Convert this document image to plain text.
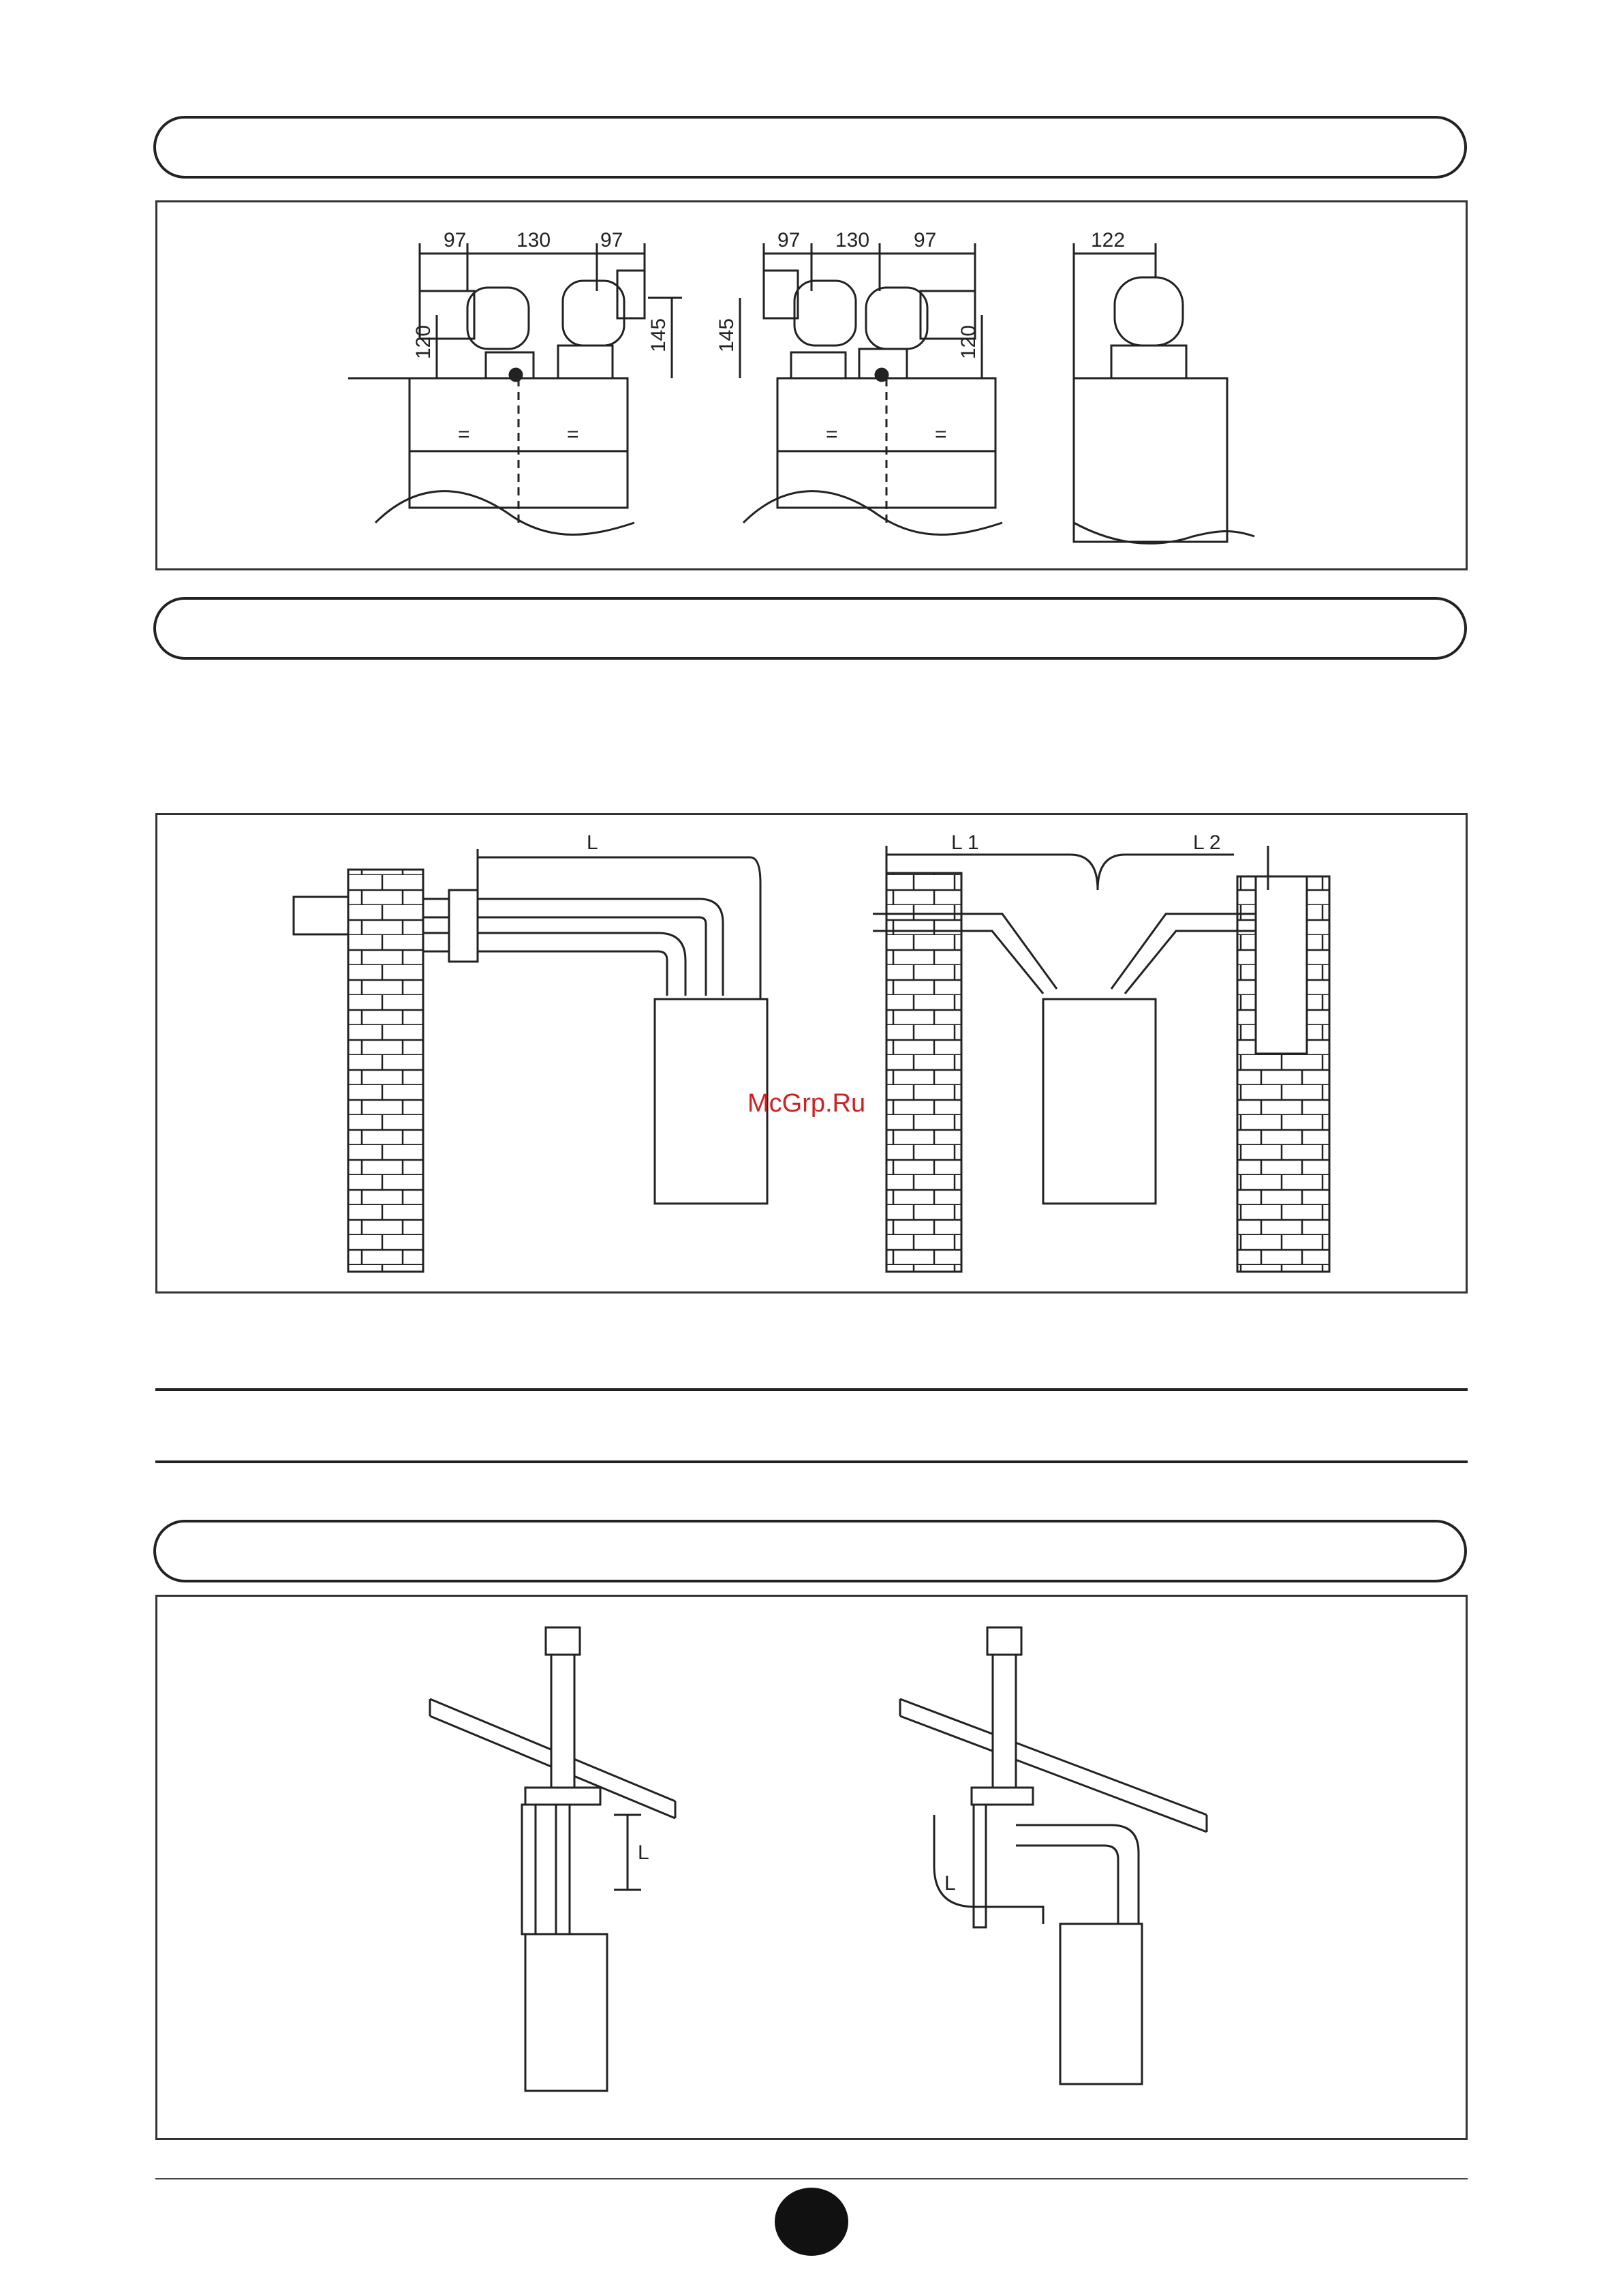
97 130 97
120	145
=	=
97 130 97
145	120
=	=
122
L	L 1	L 2
McGrp.Ru
L
L
